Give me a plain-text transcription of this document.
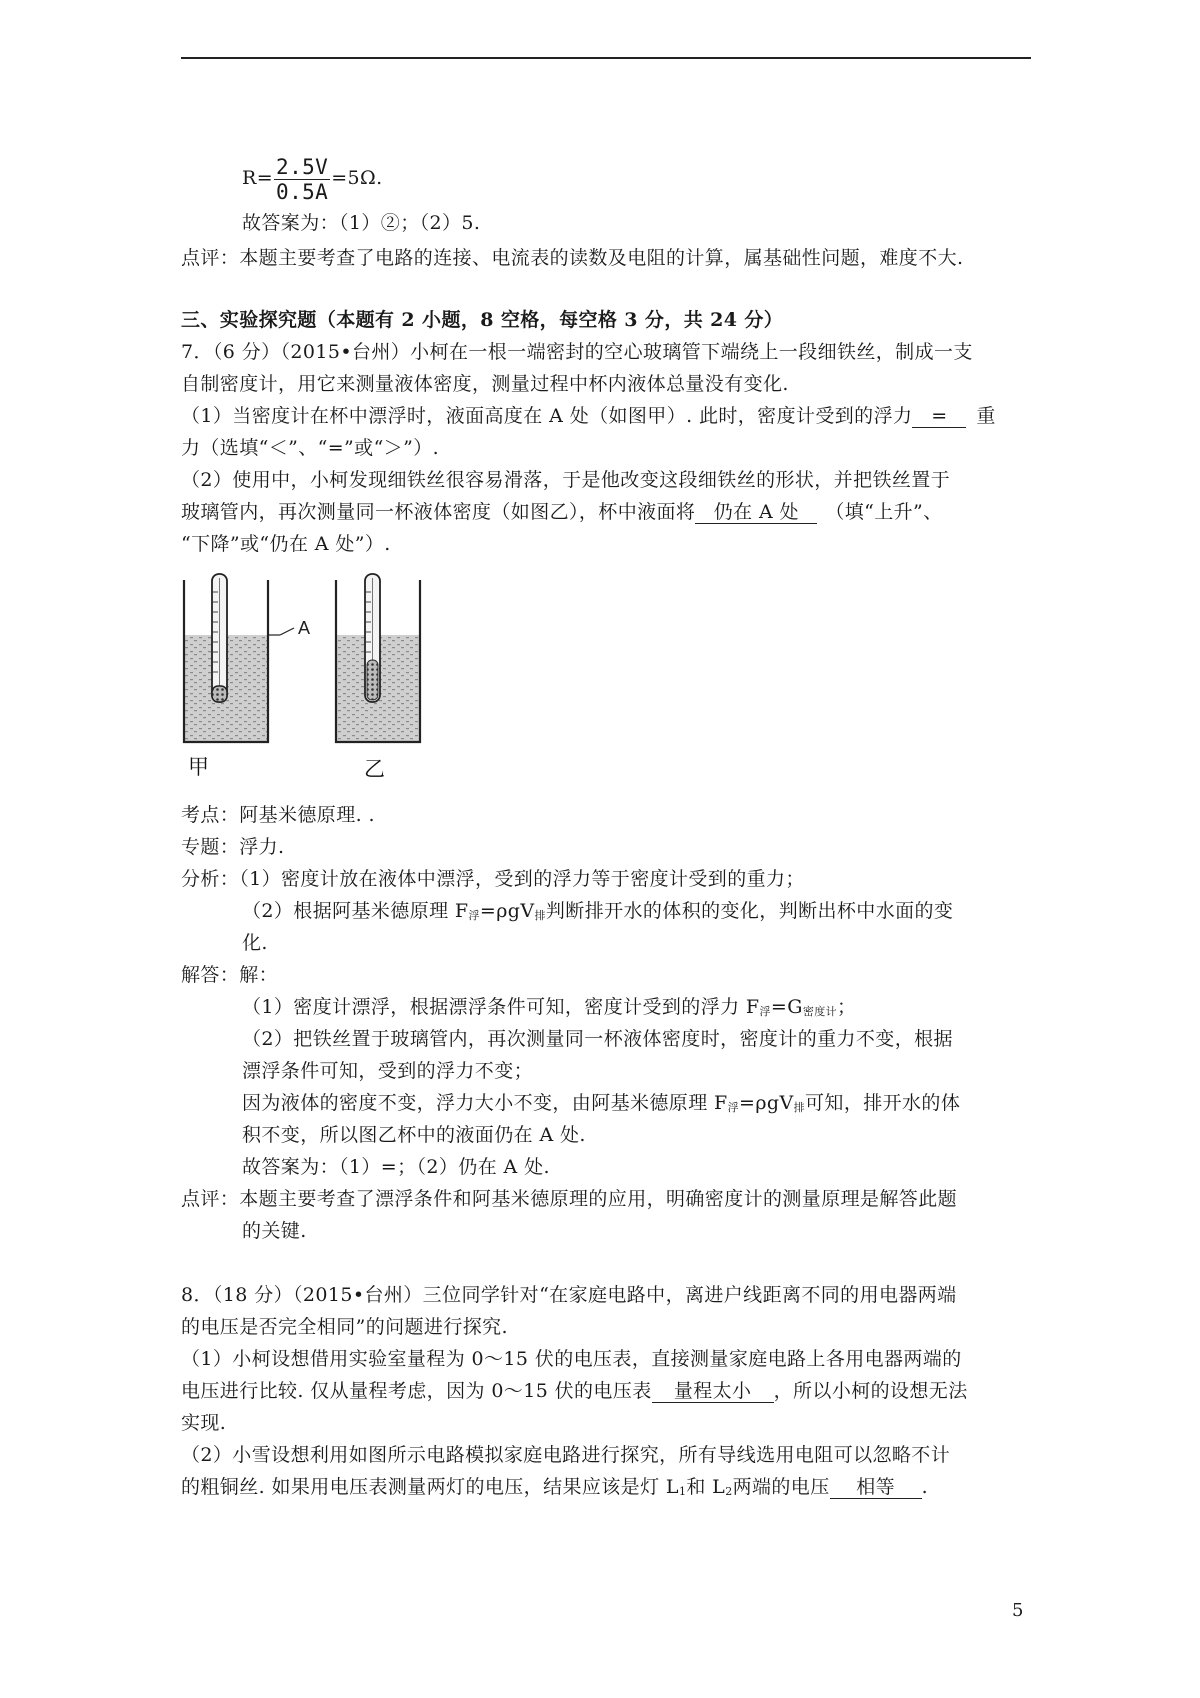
$R= \frac{2.5V}{0.5A} =5\Omega$.
故答案为：（1）②；（2）5.
点评：本题主要考查了电路的连接、电流表的读数及电阻的计算，属基础性问题，难度不大.
三、实验探究题（本题有 2 小题，8 空格，每空格 3 分，共 24 分）
7．（6 分）（2015•台州）小柯在一根一端密封的空心玻璃管下端绕上一段细铁丝，制成一支
自制密度计，用它来测量液体密度，测量过程中杯内液体总量没有变化.
（1）当密度计在杯中漂浮时，液面高度在 A 处（如图甲）. 此时，密度计受到的浮力 = 重
力（选填“＜”、“=”或“＞”）.
（2）使用中，小柯发现细铁丝很容易滑落，于是他改变这段细铁丝的形状，并把铁丝置于
玻璃管内，再次测量同一杯液体密度（如图乙），杯中液面将 仍在 A 处 （填“上升”、
“下降”或“仍在 A 处”）.
A
甲	乙
考点：阿基米德原理. .
专题：浮力.
分析：（1）密度计放在液体中漂浮，受到的浮力等于密度计受到的重力；
（2）根据阿基米德原理 F浮=ρgV排判断排开水的体积的变化，判断出杯中水面的变
化.
解答：解：
（1）密度计漂浮，根据漂浮条件可知，密度计受到的浮力 F浮=G密度计；
（2）把铁丝置于玻璃管内，再次测量同一杯液体密度时，密度计的重力不变，根据
漂浮条件可知，受到的浮力不变；
因为液体的密度不变，浮力大小不变，由阿基米德原理 F浮=ρgV排可知，排开水的体
积不变，所以图乙杯中的液面仍在 A 处.
故答案为：（1）=；（2）仍在 A 处.
点评：本题主要考查了漂浮条件和阿基米德原理的应用，明确密度计的测量原理是解答此题
的关键.
8．（18 分）（2015•台州）三位同学针对“在家庭电路中，离进户线距离不同的用电器两端
的电压是否完全相同”的问题进行探究.
（1）小柯设想借用实验室量程为 0～15 伏的电压表，直接测量家庭电路上各用电器两端的
电压进行比较. 仅从量程考虑，因为 0～15 伏的电压表 量程太小 ，所以小柯的设想无法
实现.
（2）小雪设想利用如图所示电路模拟家庭电路进行探究，所有导线选用电阻可以忽略不计
的粗铜丝. 如果用电压表测量两灯的电压，结果应该是灯 L1和 L2两端的电压 相等 .
5
